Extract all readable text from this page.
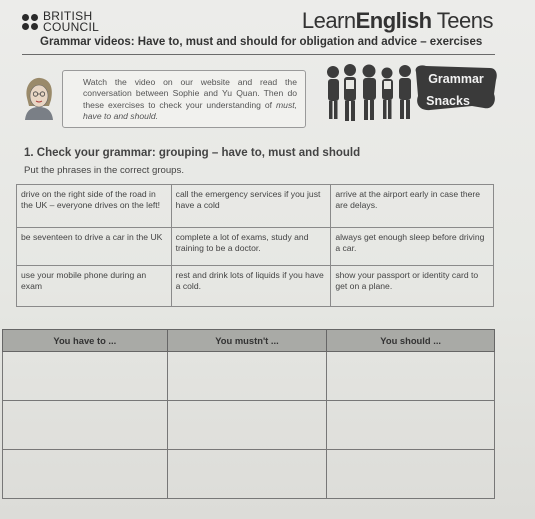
BRITISH
COUNCIL	LearnEnglish Teens
Grammar videos: Have to, must and should for obligation and advice – exercises

Watch the video on our website and read the conversation between Sophie and Yu Quan. Then do these exercises to check your understanding of must, have to and should.

Grammar
Snacks
1. Check your grammar: grouping – have to, must and should
Put the phrases in the correct groups.
drive on the right side of the road in the UK – everyone drives on the left!	call the emergency services if you just have a cold	arrive at the airport early in case there are delays.
be seventeen to drive a car in the UK	complete a lot of exams, study and training to be a doctor.	always get enough sleep before driving a car.
use your mobile phone during an exam	rest and drink lots of liquids if you have a cold.	show your passport or identity card to get on a plane.
You have to ...	You mustn't ...	You should ...
